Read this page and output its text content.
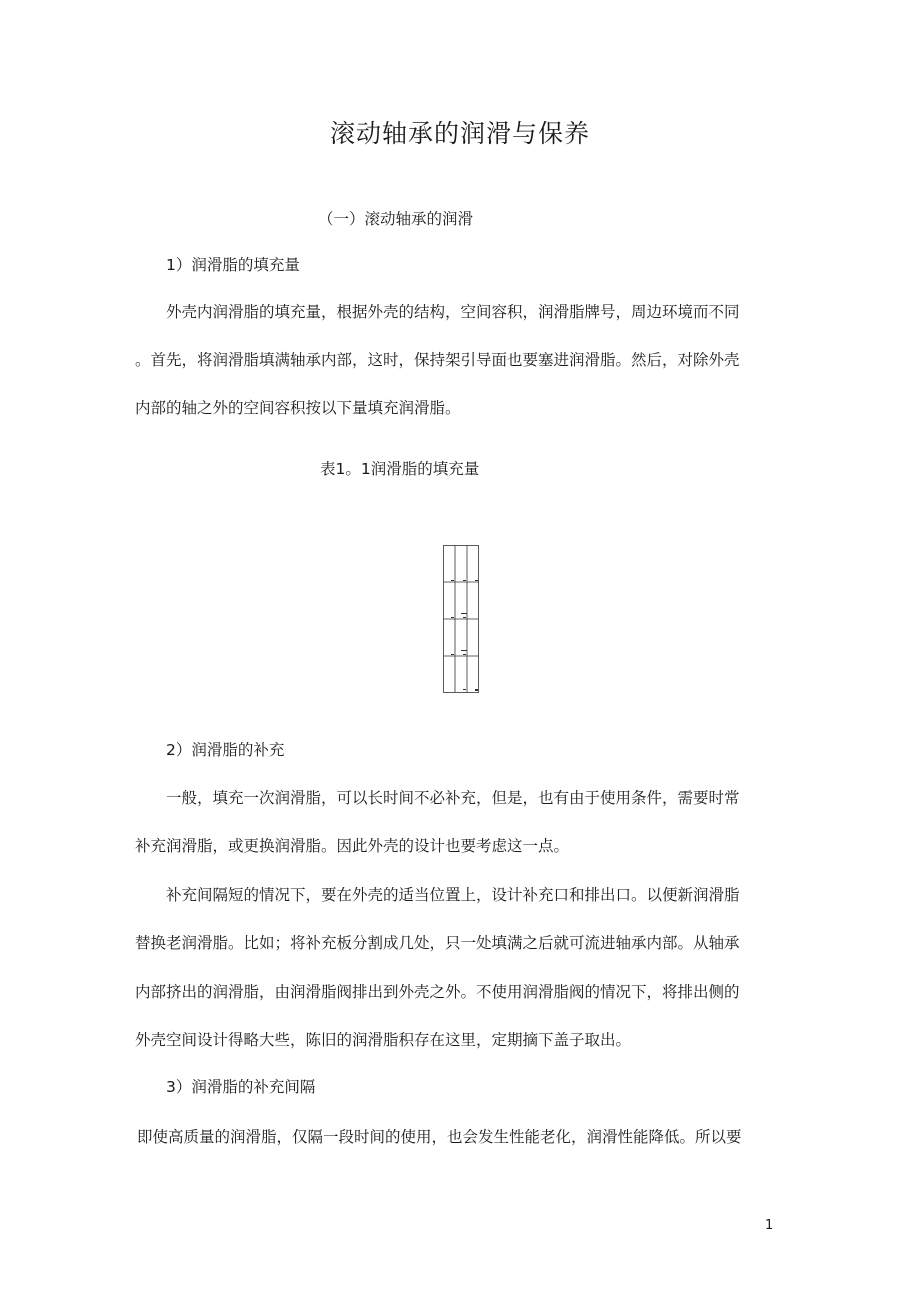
滚动轴承的润滑与保养
（一）滚动轴承的润滑
1）润滑脂的填充量
外壳内润滑脂的填充量，根据外壳的结构，空间容积，润滑脂牌号，周边环境而不同
。首先，将润滑脂填满轴承内部，这时，保持架引导面也要塞进润滑脂。然后，对除外壳
内部的轴之外的空间容积按以下量填充润滑脂。
表1。1润滑脂的填充量
2）润滑脂的补充
一般，填充一次润滑脂，可以长时间不必补充，但是，也有由于使用条件，需要时常
补充润滑脂，或更换润滑脂。因此外壳的设计也要考虑这一点。
补充间隔短的情况下，要在外壳的适当位置上，设计补充口和排出口。以便新润滑脂
替换老润滑脂。比如；将补充板分割成几处，只一处填满之后就可流进轴承内部。从轴承
内部挤出的润滑脂，由润滑脂阀排出到外壳之外。不使用润滑脂阀的情况下，将排出侧的
外壳空间设计得略大些，陈旧的润滑脂积存在这里，定期摘下盖子取出。
3）润滑脂的补充间隔
即使高质量的润滑脂，仅隔一段时间的使用，也会发生性能老化，润滑性能降低。所以要
1
